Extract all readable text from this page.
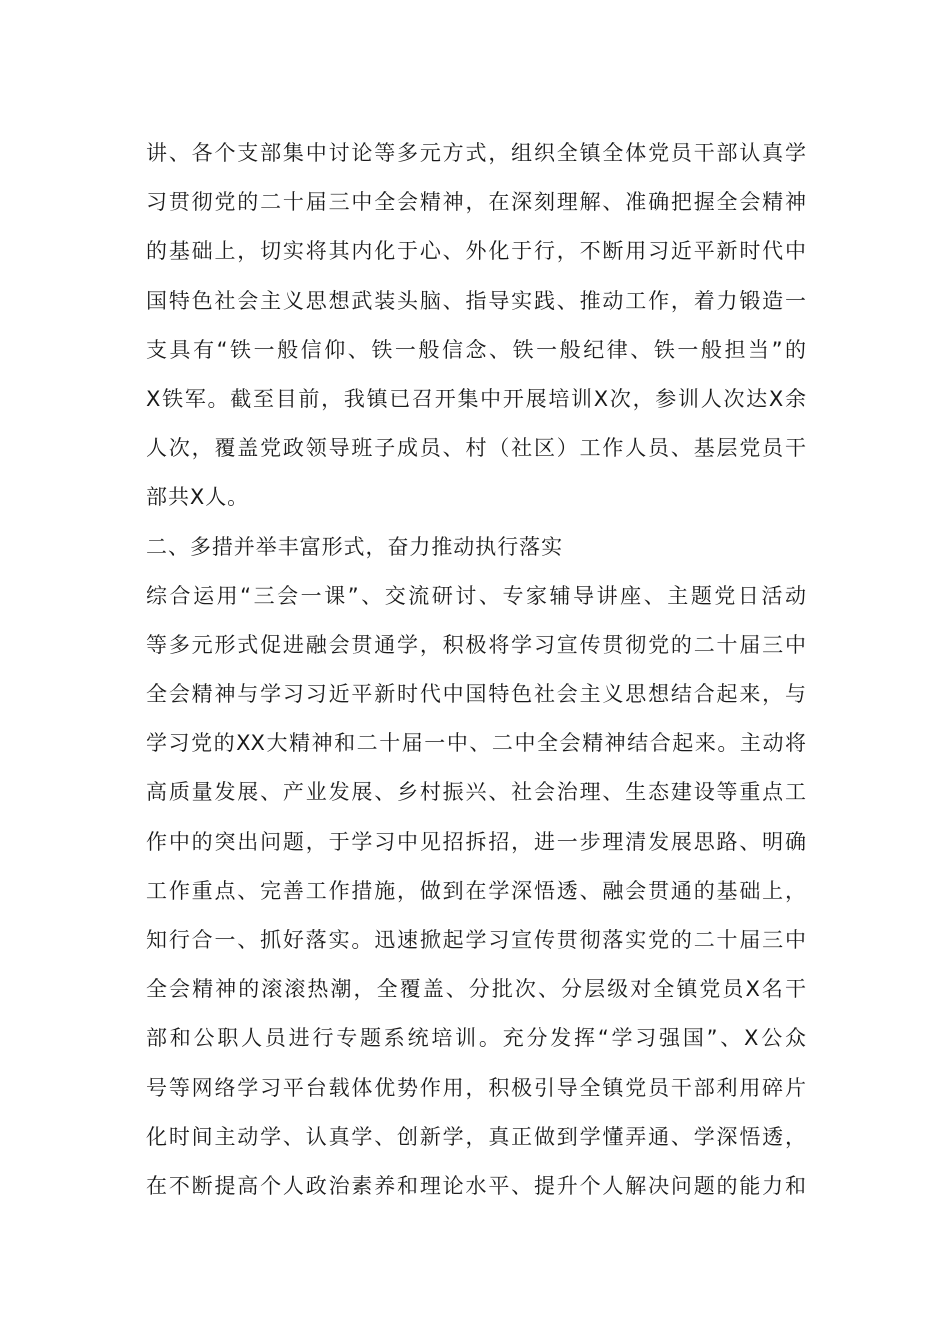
讲、各个支部集中讨论等多元方式，组织全镇全体党员干部认真学
习贯彻党的二十届三中全会精神，在深刻理解、准确把握全会精神
的基础上，切实将其内化于心、外化于行，不断用习近平新时代中
国特色社会主义思想武装头脑、指导实践、推动工作，着力锻造一
支具有“铁一般信仰、铁一般信念、铁一般纪律、铁一般担当”的
X铁军。截至目前，我镇已召开集中开展培训X次，参训人次达X余
人次，覆盖党政领导班子成员、村（社区）工作人员、基层党员干
部共X人。
二、多措并举丰富形式，奋力推动执行落实
综合运用“三会一课”、交流研讨、专家辅导讲座、主题党日活动
等多元形式促进融会贯通学，积极将学习宣传贯彻党的二十届三中
全会精神与学习习近平新时代中国特色社会主义思想结合起来，与
学习党的XX大精神和二十届一中、二中全会精神结合起来。主动将
高质量发展、产业发展、乡村振兴、社会治理、生态建设等重点工
作中的突出问题，于学习中见招拆招，进一步理清发展思路、明确
工作重点、完善工作措施，做到在学深悟透、融会贯通的基础上，
知行合一、抓好落实。迅速掀起学习宣传贯彻落实党的二十届三中
全会精神的滚滚热潮，全覆盖、分批次、分层级对全镇党员X名干
部和公职人员进行专题系统培训。充分发挥“学习强国”、X公众
号等网络学习平台载体优势作用，积极引导全镇党员干部利用碎片
化时间主动学、认真学、创新学，真正做到学懂弄通、学深悟透，
在不断提高个人政治素养和理论水平、提升个人解决问题的能力和
